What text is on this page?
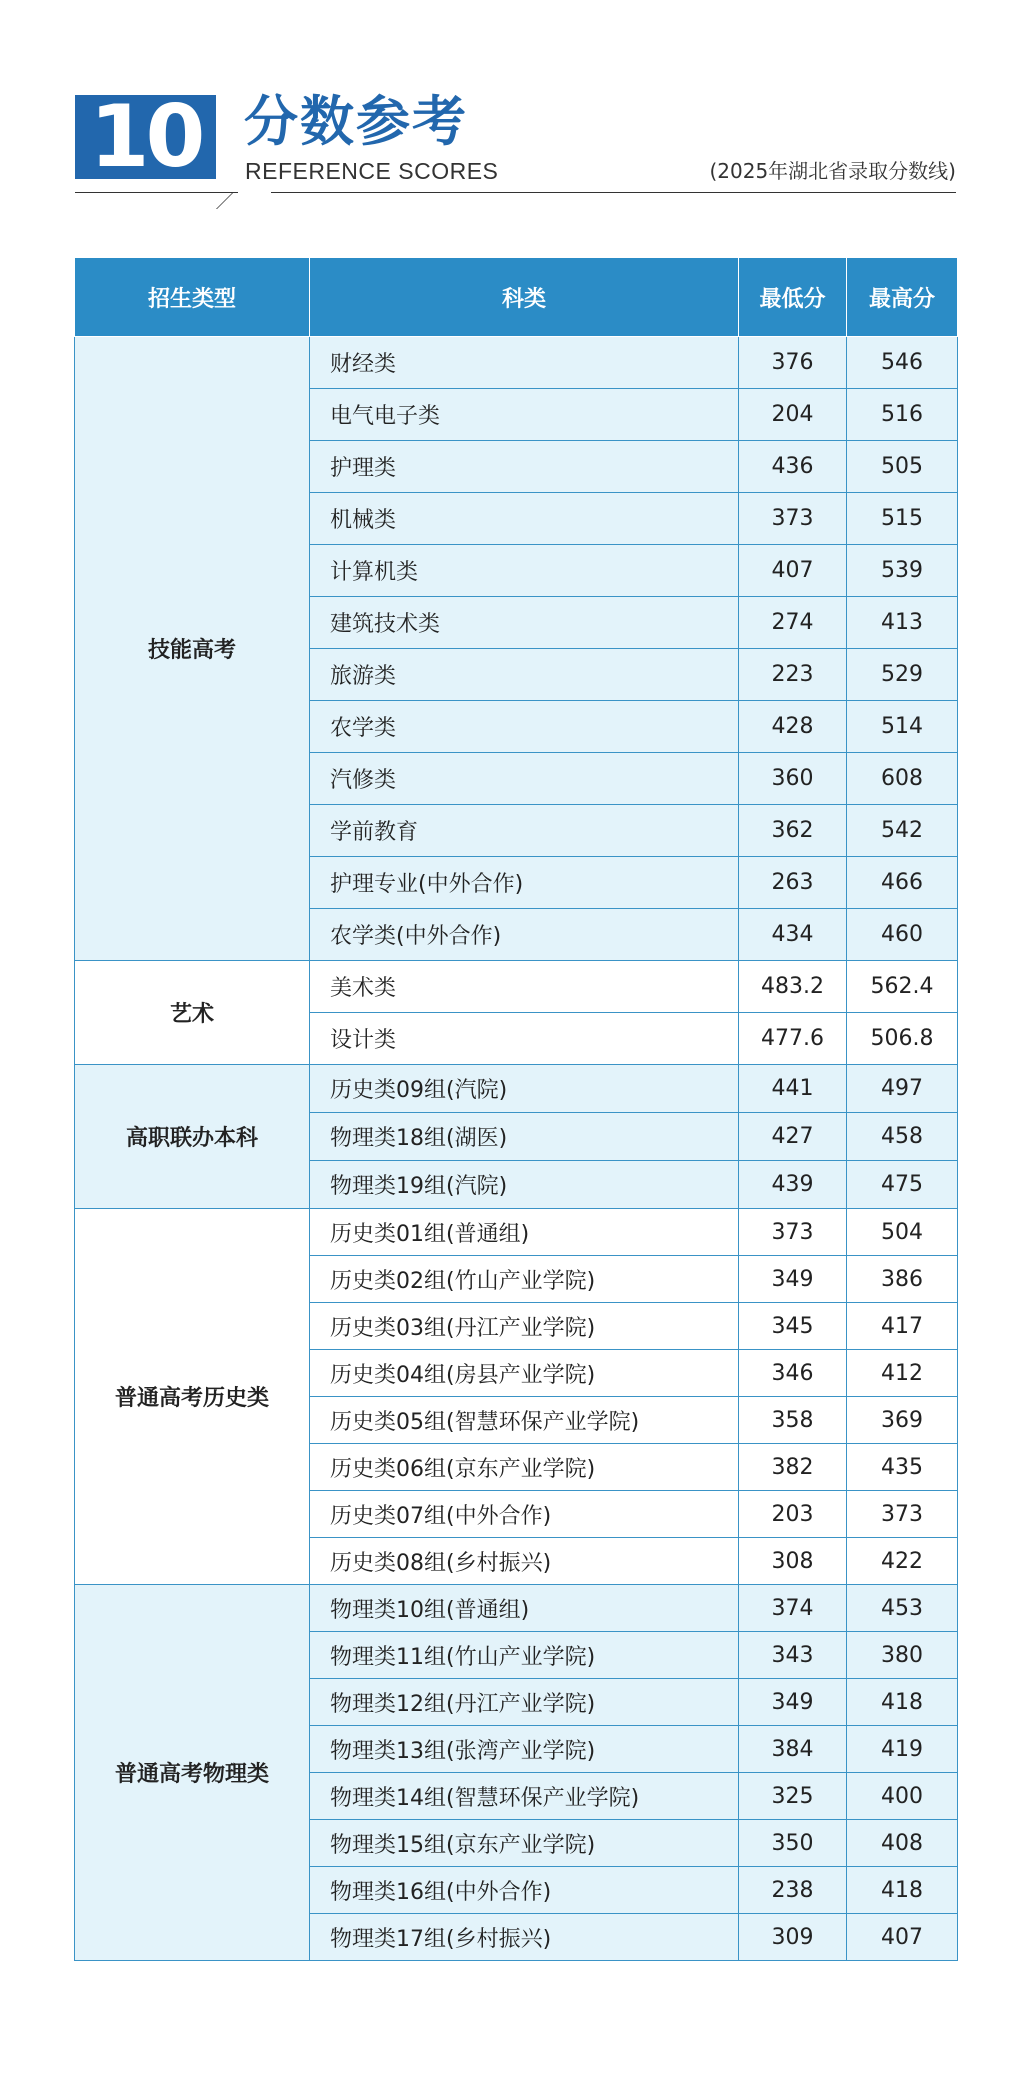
10 分数参考
REFERENCE SCORES	(2025年湖北省录取分数线)
招生类型	科类	最低分	最高分
技能高考	财经类	376	546
	电气电子类	204	516
	护理类	436	505
	机械类	373	515
	计算机类	407	539
	建筑技术类	274	413
	旅游类	223	529
	农学类	428	514
	汽修类	360	608
	学前教育	362	542
	护理专业(中外合作)	263	466
	农学类(中外合作)	434	460
艺术	美术类	483.2	562.4
	设计类	477.6	506.8
高职联办本科	历史类09组(汽院)	441	497
	物理类18组(湖医)	427	458
	物理类19组(汽院)	439	475
普通高考历史类	历史类01组(普通组)	373	504
	历史类02组(竹山产业学院)	349	386
	历史类03组(丹江产业学院)	345	417
	历史类04组(房县产业学院)	346	412
	历史类05组(智慧环保产业学院)	358	369
	历史类06组(京东产业学院)	382	435
	历史类07组(中外合作)	203	373
	历史类08组(乡村振兴)	308	422
普通高考物理类	物理类10组(普通组)	374	453
	物理类11组(竹山产业学院)	343	380
	物理类12组(丹江产业学院)	349	418
	物理类13组(张湾产业学院)	384	419
	物理类14组(智慧环保产业学院)	325	400
	物理类15组(京东产业学院)	350	408
	物理类16组(中外合作)	238	418
	物理类17组(乡村振兴)	309	407
